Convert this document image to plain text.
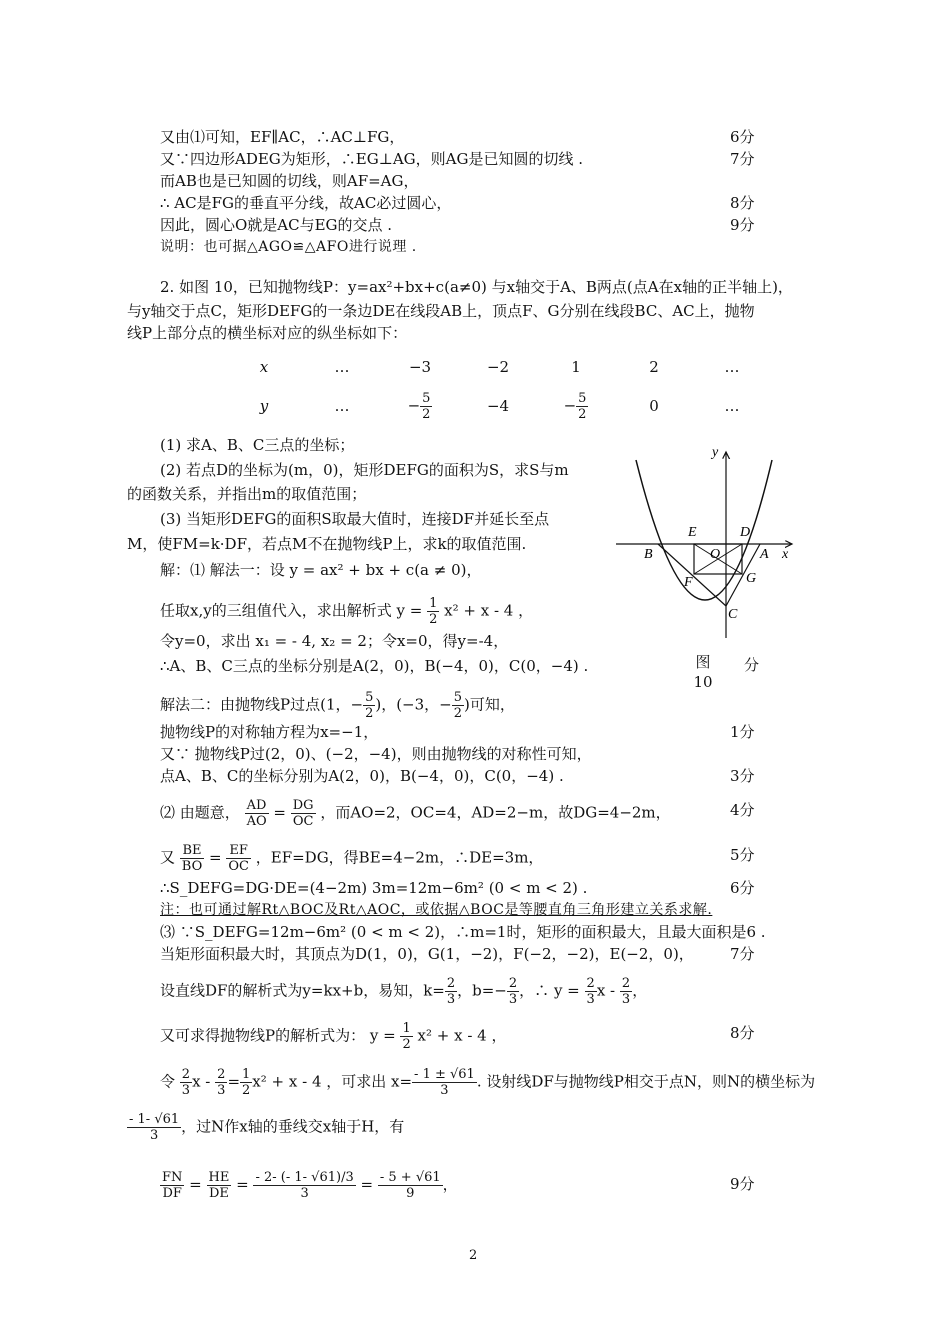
又由⑴可知，EF∥AC，∴AC⊥FG，	6分
又∵四边形ADEG为矩形，∴EG⊥AG，则AG是已知圆的切线 .	7分
而AB也是已知圆的切线，则AF=AG，
∴ AC是FG的垂直平分线，故AC必过圆心，	8分
因此，圆心O就是AC与EG的交点 .	9分
说明：也可据△AGO≌△AFO进行说理 .
2. 如图 10，已知抛物线P：y=ax²+bx+c(a≠0) 与x轴交于A、B两点(点A在x轴的正半轴上)，
与y轴交于点C，矩形DEFG的一条边DE在线段AB上，顶点F、G分别在线段BC、AC上，抛物
线P上部分点的横坐标对应的纵坐标如下：
x	…	−3	−2	1	2	…
y	…	− $\frac{5}{2}$	−4	− $\frac{5}{2}$	0	…
(1) 求A、B、C三点的坐标；
(2) 若点D的坐标为(m，0)，矩形DEFG的面积为S，求S与m
的函数关系，并指出m的取值范围；
(3) 当矩形DEFG的面积S取最大值时，连接DF并延长至点
M，使FM=k·DF，若点M不在抛物线P上，求k的取值范围.
y
x
E	D
O
B	A
F	G
C
图
10
分
解：⑴ 解法一：设 y = ax² + bx + c(a ≠ 0)，
任取x,y的三组值代入，求出解析式 $y = \frac{1}{2} x^2 + x - 4$ ，
令y=0，求出 x₁ = - 4, x₂ = 2；令x=0，得y=-4，
∴A、B、C三点的坐标分别是A(2，0)，B(−4，0)，C(0，−4) .
解法二：由抛物线P过点(1，− $\frac{5}{2}$ )，(−3，− $\frac{5}{2}$ )可知，
抛物线P的对称轴方程为x=−1，	1分
又∵ 抛物线P过(2，0)、(−2，−4)，则由抛物线的对称性可知，
点A、B、C的坐标分别为A(2，0)，B(−4，0)，C(0，−4) .	3分
⑵ 由题意， $\frac{AD}{AO} = \frac{DG}{OC}$ ，而AO=2，OC=4，AD=2−m，故DG=4−2m，	4分
又 $\frac{BE}{BO} = \frac{EF}{OC}$ ，EF=DG，得BE=4−2m，∴DE=3m，	5分
∴S_DEFG=DG·DE=(4−2m) 3m=12m−6m² (0 < m < 2) .	6分
注：也可通过解Rt△BOC及Rt△AOC，或依据△BOC是等腰直角三角形建立关系求解.
⑶ ∵S_DEFG=12m−6m² (0 < m < 2)，∴m=1时，矩形的面积最大，且最大面积是6 .
当矩形面积最大时，其顶点为D(1，0)，G(1，−2)，F(−2，−2)，E(−2，0)， 7分
设直线DF的解析式为y=kx+b，易知，$k= \frac{2}{3}$ ，$b=- \frac{2}{3}$ ，∴ $y = \frac{2}{3}$ x - $\frac{2}{3}$ ，
又可求得抛物线P的解析式为： $y = \frac{1}{2} x^2 + x - 4$ ，	8分
令 $\frac{2}{3}$ $x - \frac{2}{3} = \frac{1}{2} x^2 + x - 4$ ，可求出 $x= \frac{- 1 \pm √61}{3}$ . 设射线DF与抛物线P相交于点N，则N的横坐标为
$\frac{- 1- √61}{3}$ ，过N作x轴的垂线交x轴于H，有
$\frac{FN}{DF} = \frac{HE}{DE} = \frac{- 2- (- 1- √61)/3}{3} = \frac{- 5 + √61}{9}$ ，	9分
2
